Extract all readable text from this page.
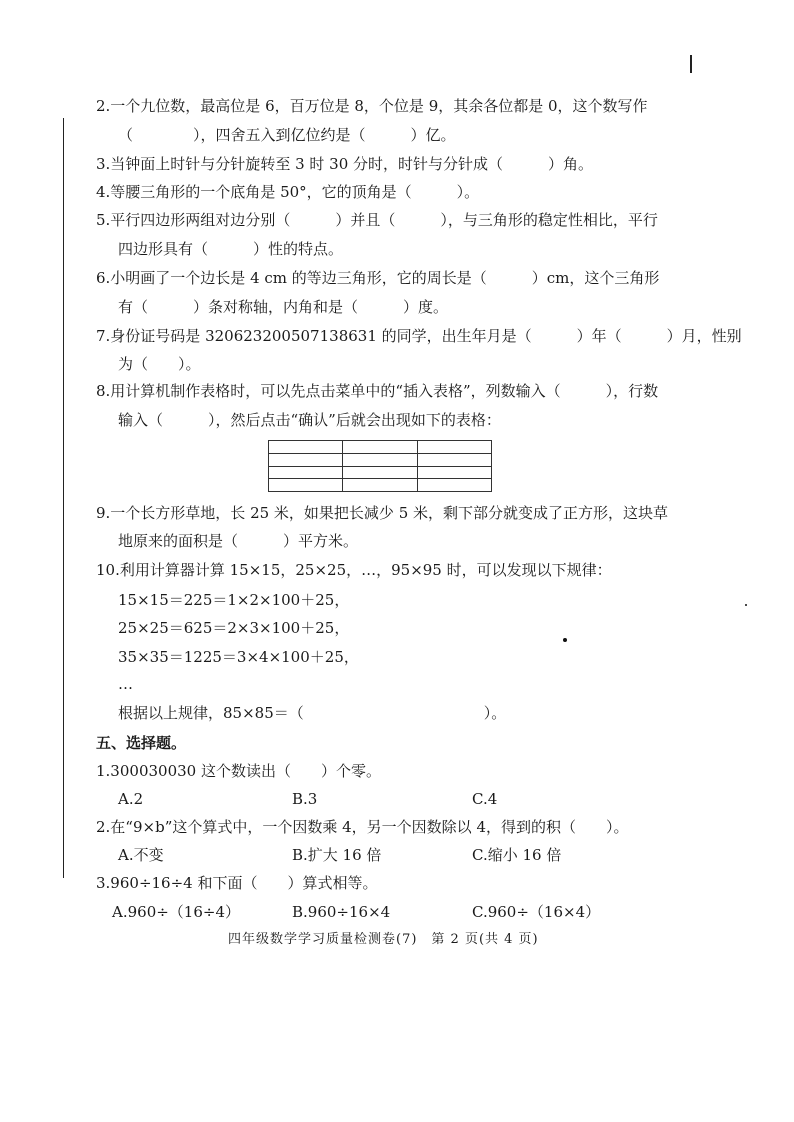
2.一个九位数，最高位是 6，百万位是 8，个位是 9，其余各位都是 0，这个数写作
（　　　　），四舍五入到亿位约是（　　　）亿。
3.当钟面上时针与分针旋转至 3 时 30 分时，时针与分针成（　　　）角。
4.等腰三角形的一个底角是 50°，它的顶角是（　　　）。
5.平行四边形两组对边分别（　　　）并且（　　　），与三角形的稳定性相比，平行
四边形具有（　　　）性的特点。
6.小明画了一个边长是 4 cm 的等边三角形，它的周长是（　　　）cm，这个三角形
有（　　　）条对称轴，内角和是（　　　）度。
7.身份证号码是 320623200507138631 的同学，出生年月是（　　　）年（　　　）月，性别
为（　　）。
8.用计算机制作表格时，可以先点击菜单中的“插入表格”，列数输入（　　　），行数
输入（　　　），然后点击“确认”后就会出现如下的表格：

9.一个长方形草地，长 25 米，如果把长减少 5 米，剩下部分就变成了正方形，这块草
地原来的面积是（　　　）平方米。
10.利用计算器计算 15×15，25×25，…，95×95 时，可以发现以下规律：
15×15＝225＝1×2×100＋25，
25×25＝625＝2×3×100＋25，
35×35＝1225＝3×4×100＋25，
…
根据以上规律，85×85＝（　　　　　　　　　　　　）。
五、选择题。
1.300030030 这个数读出（　　）个零。
A.2	B.3	C.4
2.在“9×b”这个算式中，一个因数乘 4，另一个因数除以 4，得到的积（　　）。
A.不变	B.扩大 16 倍	C.缩小 16 倍
3.960÷16÷4 和下面（　　）算式相等。
A.960÷（16÷4）	B.960÷16×4	C.960÷（16×4）
四年级数学学习质量检测卷(7)　第 2 页(共 4 页)
